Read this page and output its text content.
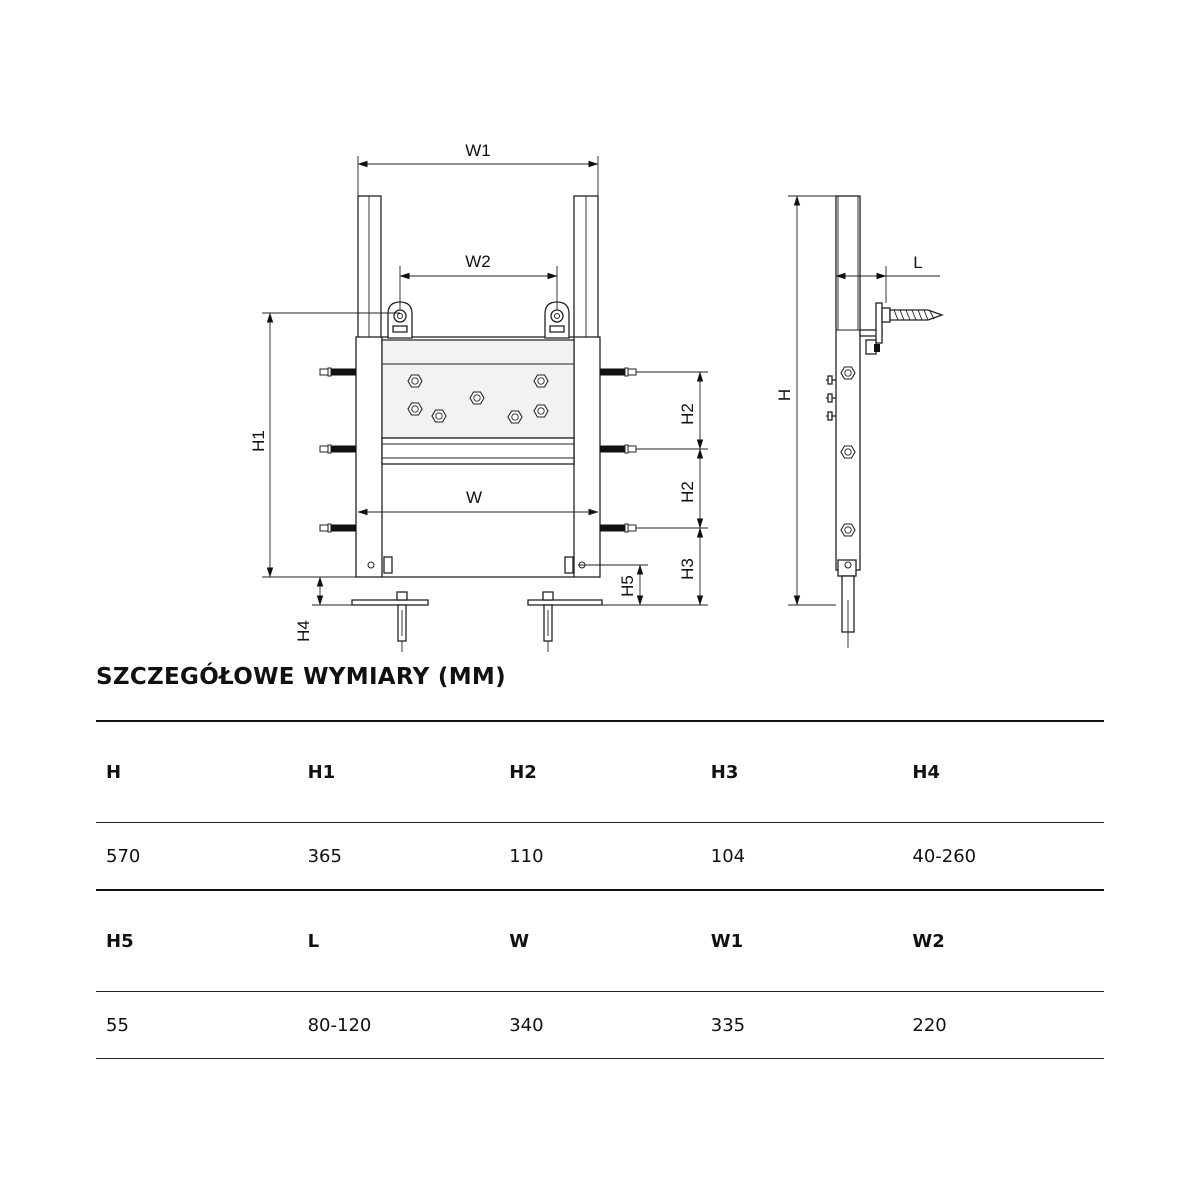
W1
W2
W
H1
H2
H2
H3
H5
H4
H
L
SZCZEGÓŁOWE WYMIARY (MM)
H	H1	H2	H3	H4
570	365	110	104	40-260
H5	L	W	W1	W2
55	80-120	340	335	220
